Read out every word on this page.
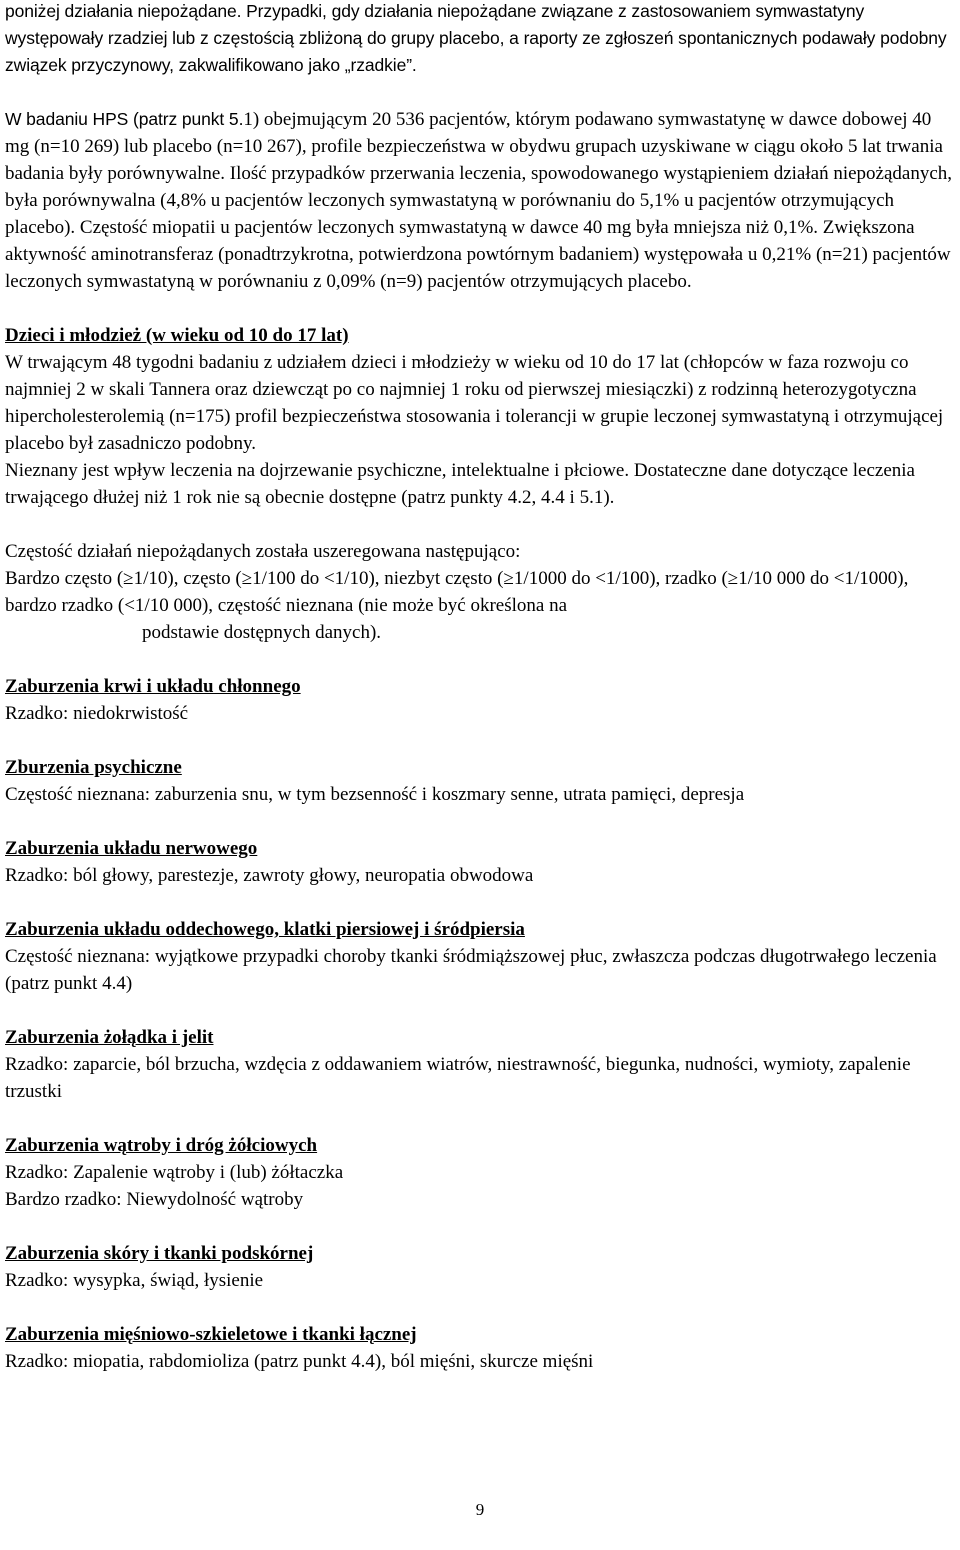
poniżej działania niepożądane. Przypadki, gdy działania niepożądane związane z zastosowaniem symwastatyny występowały rzadziej lub z częstością zbliżoną do grupy placebo, a raporty ze zgłoszeń spontanicznych podawały podobny związek przyczynowy, zakwalifikowano jako „rzadkie”.

W badaniu HPS (patrz punkt 5.1) obejmującym 20 536 pacjentów, którym podawano symwastatynę w dawce dobowej 40 mg (n=10 269) lub placebo (n=10 267), profile bezpieczeństwa w obydwu grupach uzyskiwane w ciągu około 5 lat trwania badania były porównywalne. Ilość przypadków przerwania leczenia, spowodowanego wystąpieniem działań niepożądanych, była porównywalna (4,8% u pacjentów leczonych symwastatyną w porównaniu do 5,1% u pacjentów otrzymujących placebo). Częstość miopatii u pacjentów leczonych symwastatyną w dawce 40 mg była mniejsza niż 0,1%. Zwiększona aktywność aminotransferaz (ponadtrzykrotna, potwierdzona powtórnym badaniem) występowała u 0,21% (n=21) pacjentów leczonych symwastatyną w porównaniu z 0,09% (n=9) pacjentów otrzymujących placebo.

Dzieci i młodzież (w wieku od 10 do 17 lat)

W trwającym 48 tygodni badaniu z udziałem dzieci i młodzieży w wieku od 10 do 17 lat (chłopców w faza rozwoju co najmniej 2 w skali Tannera oraz dziewcząt po co najmniej 1 roku od pierwszej miesiączki) z rodzinną heterozygotyczna hipercholesterolemią (n=175) profil bezpieczeństwa stosowania i tolerancji w grupie leczonej symwastatyną i otrzymującej placebo był zasadniczo podobny.

Nieznany jest wpływ leczenia na dojrzewanie psychiczne, intelektualne i płciowe. Dostateczne dane dotyczące leczenia trwającego dłużej niż 1 rok nie są obecnie dostępne (patrz punkty 4.2, 4.4 i 5.1).

Częstość działań niepożądanych została uszeregowana następująco:

Bardzo często (≥1/10), często (≥1/100 do <1/10), niezbyt często (≥1/1000 do <1/100), rzadko (≥1/10 000 do <1/1000), bardzo rzadko (<1/10 000), częstość nieznana (nie może być określona na

podstawie dostępnych danych).

Zaburzenia krwi i układu chłonnego

Rzadko: niedokrwistość

Zburzenia psychiczne

Częstość nieznana: zaburzenia snu, w tym bezsenność i koszmary senne, utrata pamięci, depresja

Zaburzenia układu nerwowego

Rzadko: ból głowy, parestezje, zawroty głowy, neuropatia obwodowa

Zaburzenia układu oddechowego, klatki piersiowej i śródpiersia

Częstość nieznana: wyjątkowe przypadki choroby tkanki śródmiąższowej płuc, zwłaszcza podczas długotrwałego leczenia (patrz punkt 4.4)

Zaburzenia żołądka i jelit

Rzadko: zaparcie, ból brzucha, wzdęcia z oddawaniem wiatrów, niestrawność, biegunka, nudności, wymioty, zapalenie trzustki

Zaburzenia wątroby i dróg żółciowych

Rzadko: Zapalenie wątroby i (lub) żółtaczka

Bardzo rzadko: Niewydolność wątroby

Zaburzenia skóry i tkanki podskórnej

Rzadko: wysypka, świąd, łysienie

Zaburzenia mięśniowo-szkieletowe i tkanki łącznej

Rzadko: miopatia, rabdomioliza (patrz punkt 4.4), ból mięśni, skurcze mięśni

9
